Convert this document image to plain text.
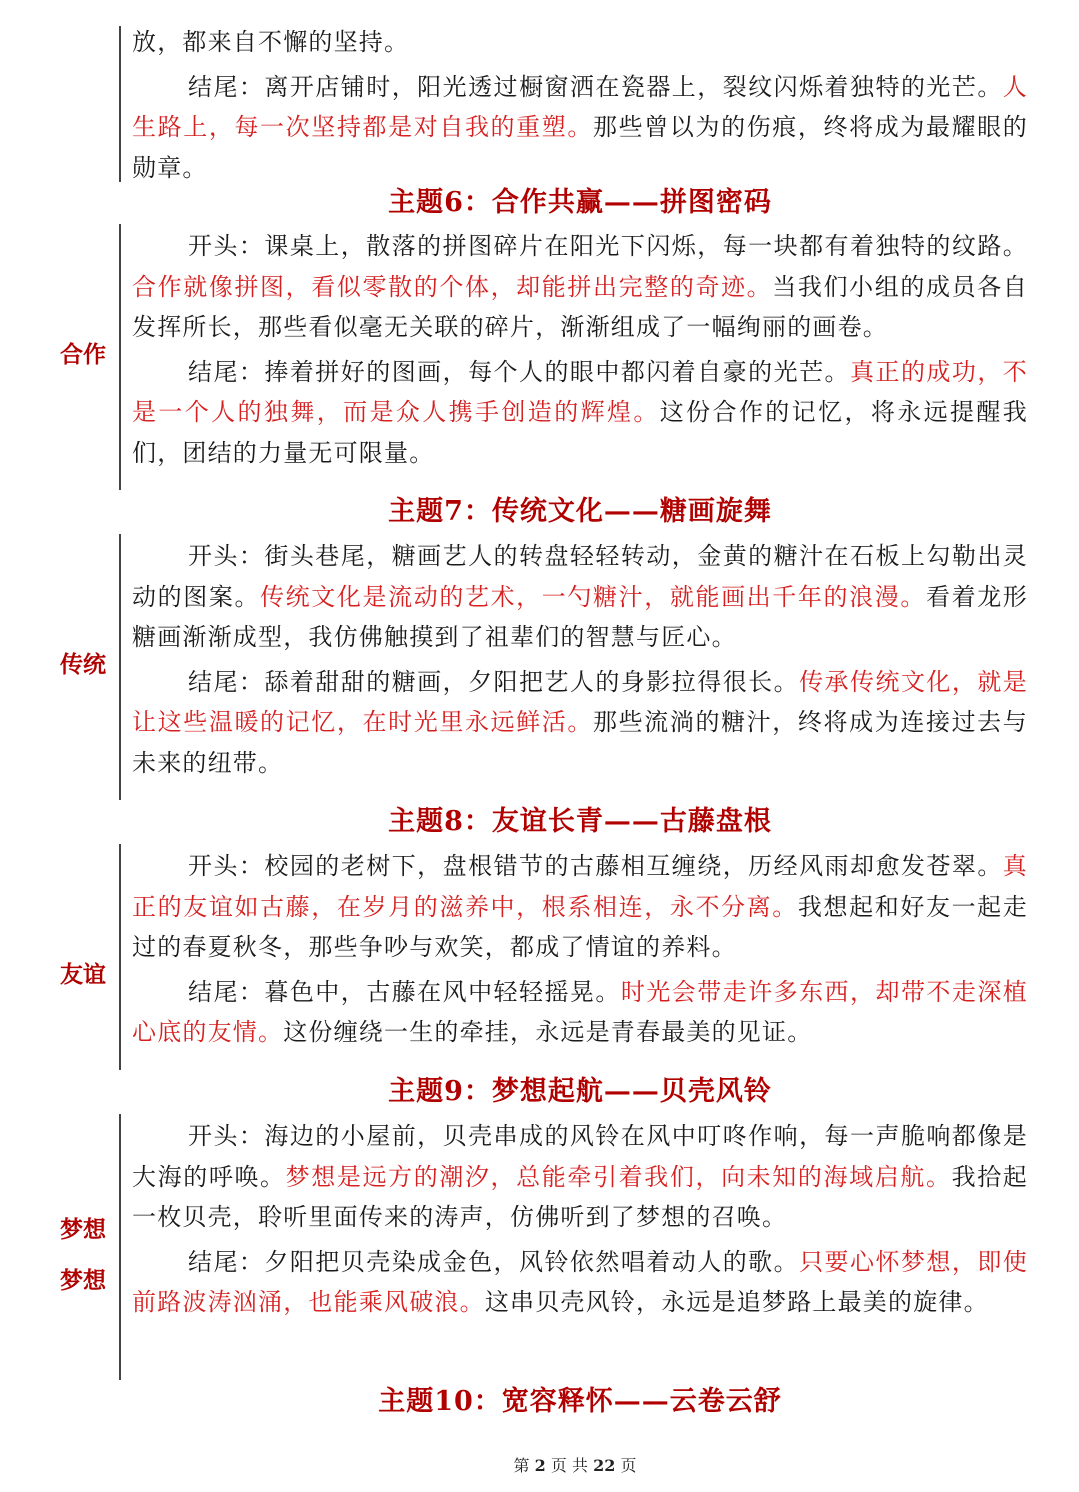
放，都来自不懈的坚持。

结尾：离开店铺时，阳光透过橱窗洒在瓷器上，裂纹闪烁着独特的光芒。人生路上，每一次坚持都是对自我的重塑。那些曾以为的伤痕，终将成为最耀眼的勋章。

主题6：合作共赢——拼图密码
合作

开头：课桌上，散落的拼图碎片在阳光下闪烁，每一块都有着独特的纹路。合作就像拼图，看似零散的个体，却能拼出完整的奇迹。当我们小组的成员各自发挥所长，那些看似毫无关联的碎片，渐渐组成了一幅绚丽的画卷。

结尾：捧着拼好的图画，每个人的眼中都闪着自豪的光芒。真正的成功，不是一个人的独舞，而是众人携手创造的辉煌。这份合作的记忆，将永远提醒我们，团结的力量无可限量。

主题7：传统文化——糖画旋舞
传统

开头：街头巷尾，糖画艺人的转盘轻轻转动，金黄的糖汁在石板上勾勒出灵动的图案。传统文化是流动的艺术，一勺糖汁，就能画出千年的浪漫。看着龙形糖画渐渐成型，我仿佛触摸到了祖辈们的智慧与匠心。

结尾：舔着甜甜的糖画，夕阳把艺人的身影拉得很长。传承传统文化，就是让这些温暖的记忆，在时光里永远鲜活。那些流淌的糖汁，终将成为连接过去与未来的纽带。

主题8：友谊长青——古藤盘根
友谊

开头：校园的老树下，盘根错节的古藤相互缠绕，历经风雨却愈发苍翠。真正的友谊如古藤，在岁月的滋养中，根系相连，永不分离。我想起和好友一起走过的春夏秋冬，那些争吵与欢笑，都成了情谊的养料。

结尾：暮色中，古藤在风中轻轻摇晃。时光会带走许多东西，却带不走深植心底的友情。这份缠绕一生的牵挂，永远是青春最美的见证。

主题9：梦想起航——贝壳风铃
梦想
梦想

开头：海边的小屋前，贝壳串成的风铃在风中叮咚作响，每一声脆响都像是大海的呼唤。梦想是远方的潮汐，总能牵引着我们，向未知的海域启航。我拾起一枚贝壳，聆听里面传来的涛声，仿佛听到了梦想的召唤。

结尾：夕阳把贝壳染成金色，风铃依然唱着动人的歌。只要心怀梦想，即使前路波涛汹涌，也能乘风破浪。这串贝壳风铃，永远是追梦路上最美的旋律。

主题10：宽容释怀——云卷云舒
第 2 页 共 22 页
